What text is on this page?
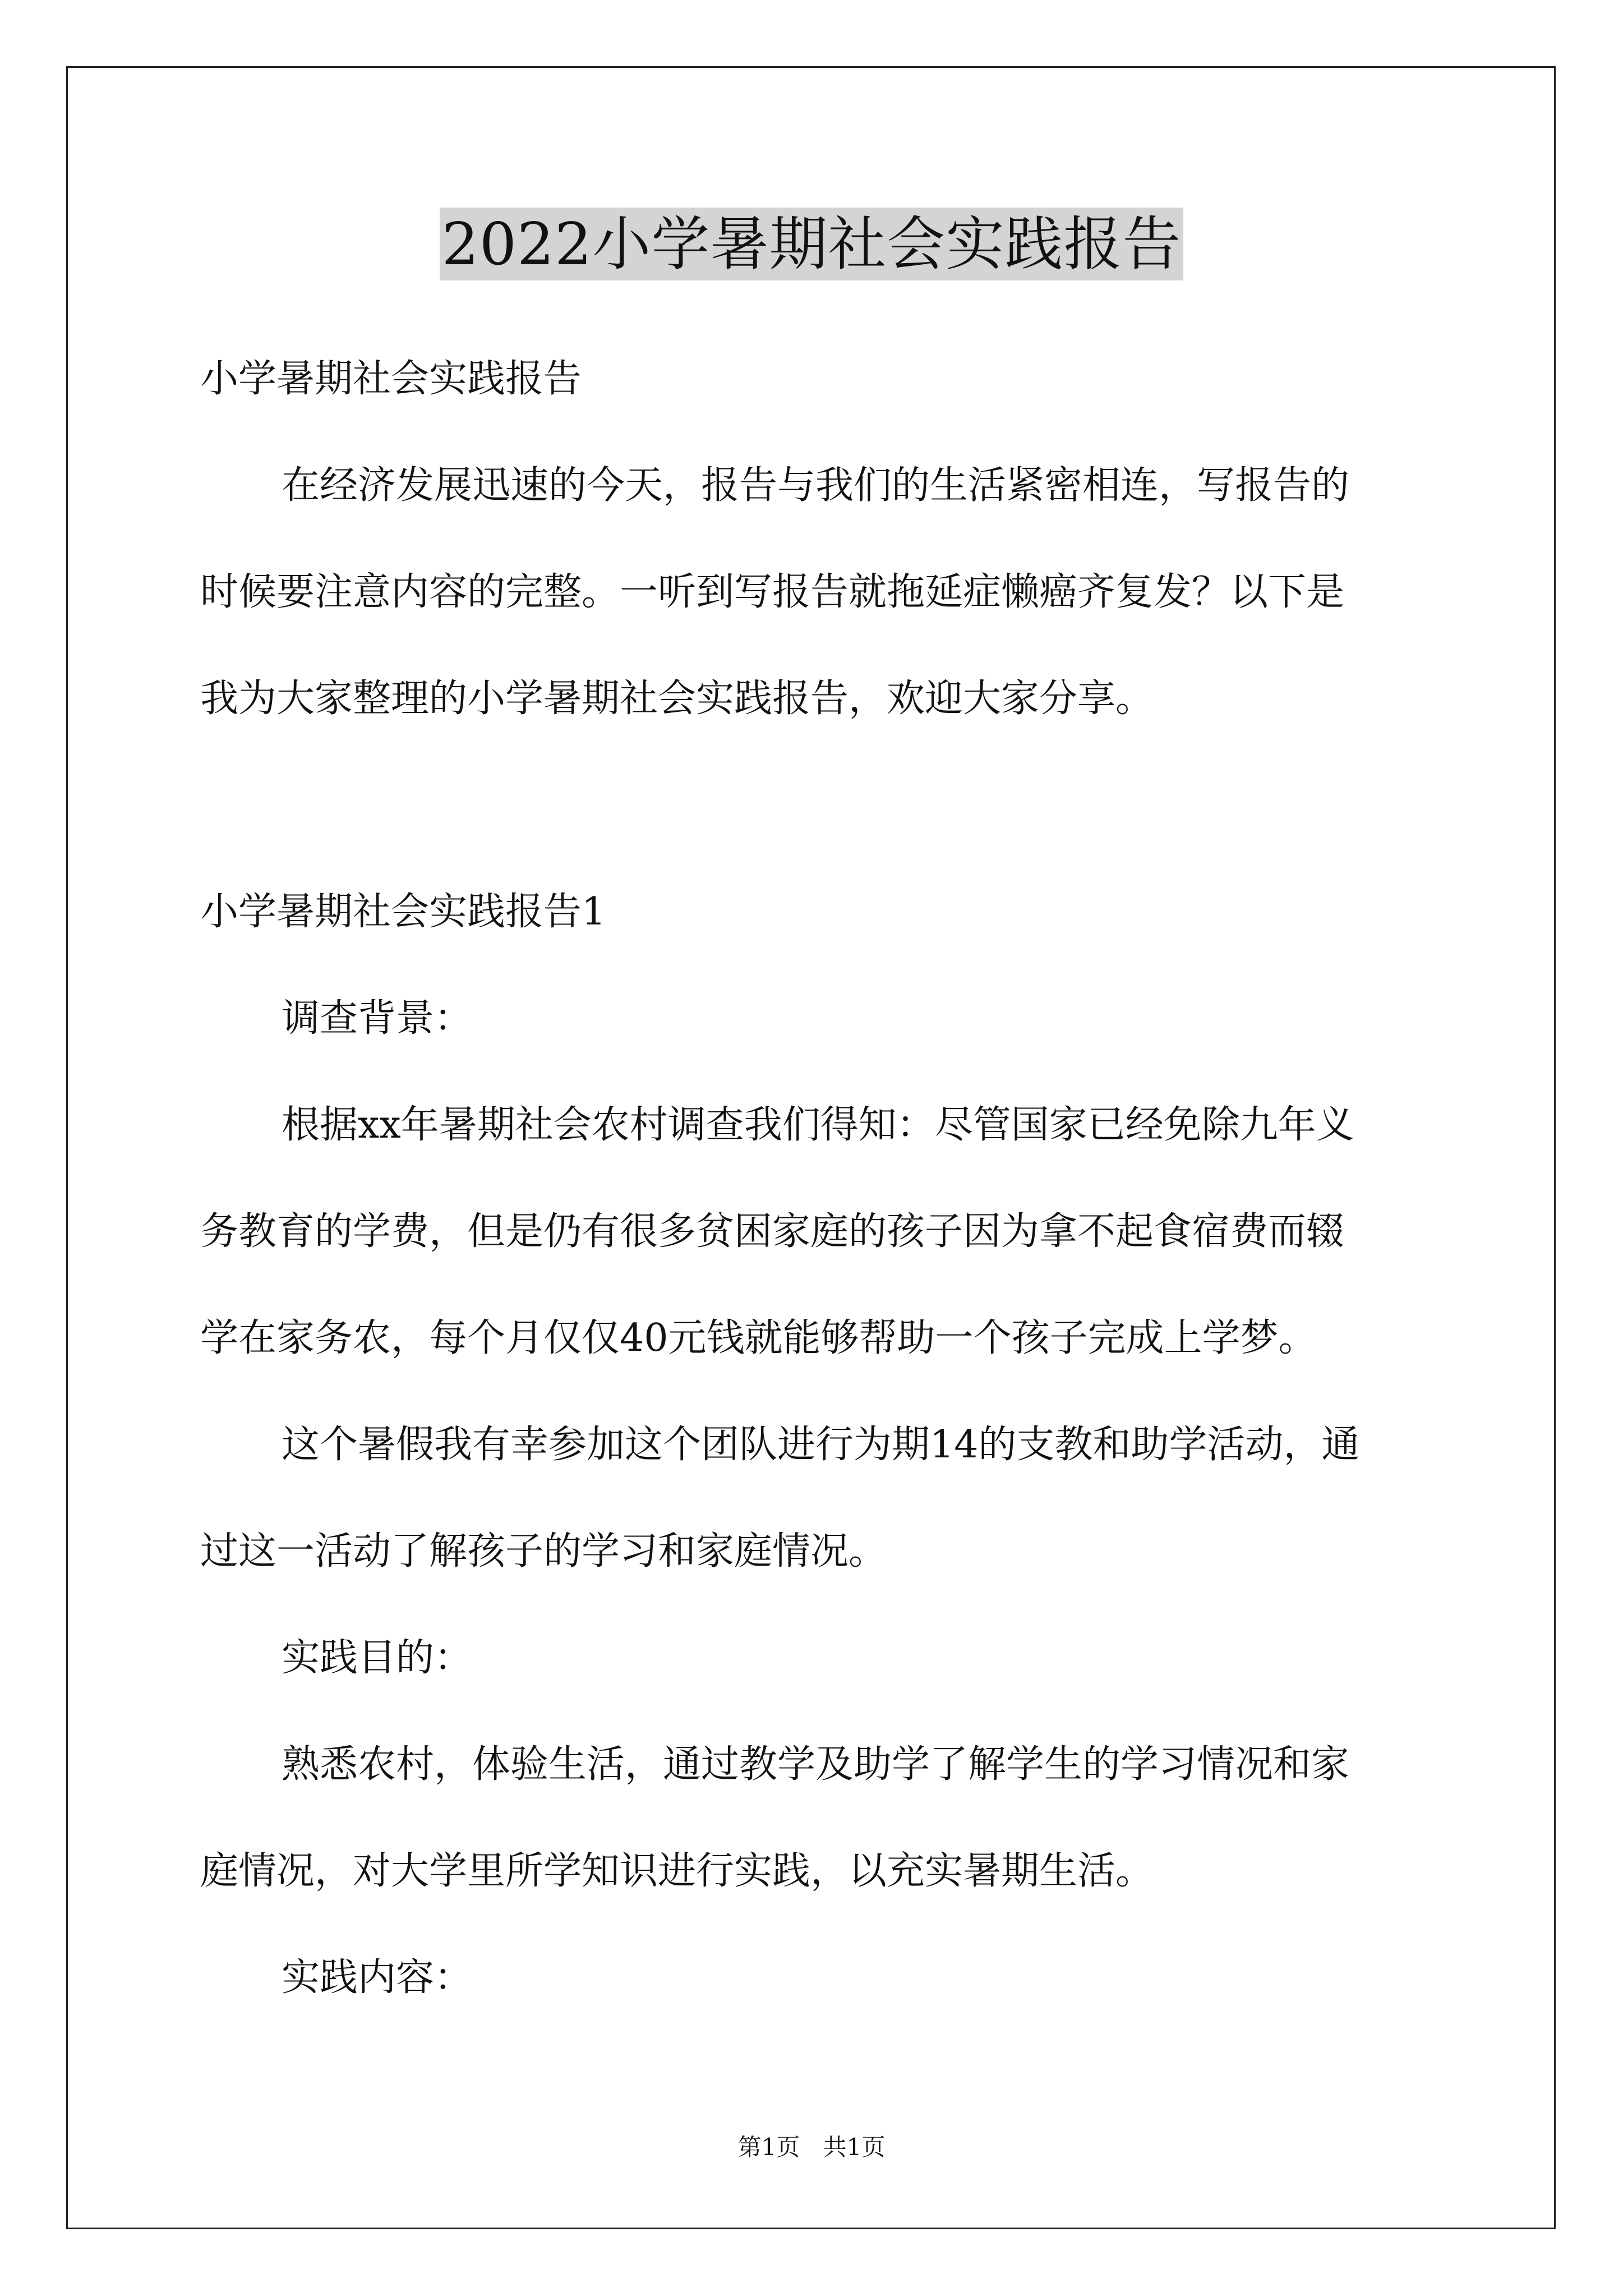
2022小学暑期社会实践报告
小学暑期社会实践报告
在经济发展迅速的今天，报告与我们的生活紧密相连，写报告的
时候要注意内容的完整。一听到写报告就拖延症懒癌齐复发？以下是
我为大家整理的小学暑期社会实践报告，欢迎大家分享。
小学暑期社会实践报告1
调查背景：
根据xx年暑期社会农村调查我们得知：尽管国家已经免除九年义
务教育的学费，但是仍有很多贫困家庭的孩子因为拿不起食宿费而辍
学在家务农，每个月仅仅40元钱就能够帮助一个孩子完成上学梦。
这个暑假我有幸参加这个团队进行为期14的支教和助学活动，通
过这一活动了解孩子的学习和家庭情况。
实践目的：
熟悉农村，体验生活，通过教学及助学了解学生的学习情况和家
庭情况，对大学里所学知识进行实践，以充实暑期生活。
实践内容：
第1页 共1页
